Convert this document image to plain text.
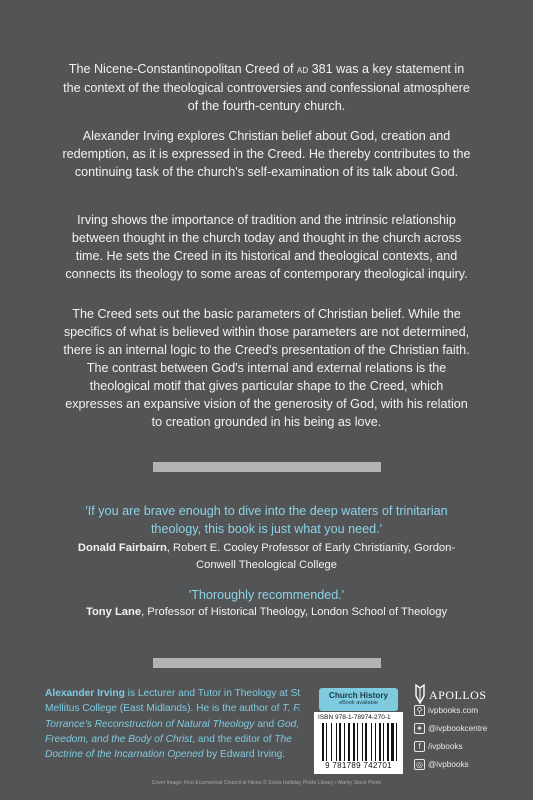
The Nicene-Constantinopolitan Creed of ad 381 was a key statement in the context of the theological controversies and confessional atmosphere of the fourth-century church.

Alexander Irving explores Christian belief about God, creation and redemption, as it is expressed in the Creed. He thereby contributes to the continuing task of the church's self-examination of its talk about God.

Irving shows the importance of tradition and the intrinsic relationship between thought in the church today and thought in the church across time. He sets the Creed in its historical and theological contexts, and connects its theology to some areas of contemporary theological inquiry.

The Creed sets out the basic parameters of Christian belief. While the specifics of what is believed within those parameters are not determined, there is an internal logic to the Creed's presentation of the Christian faith. The contrast between God's internal and external relations is the theological motif that gives particular shape to the Creed, which expresses an expansive vision of the generosity of God, with his relation to creation grounded in his being as love.

'If you are brave enough to dive into the deep waters of trinitarian theology, this book is just what you need.'

Donald Fairbairn, Robert E. Cooley Professor of Early Christianity, Gordon-Conwell Theological College

'Thoroughly recommended.'

Tony Lane, Professor of Historical Theology, London School of Theology

Alexander Irving is Lecturer and Tutor in Theology at St Mellitus College (East Midlands). He is the author of T. F. Torrance's Reconstruction of Natural Theology and God, Freedom, and the Body of Christ, and the editor of The Doctrine of the Incarnation Opened by Edward Irving.

Church History
eBook available
ISBN 978-1-78974-270-1
9 781789 742701
APOLLOS
⚲ ivpbooks.com
✦ @ivpbookcentre
f /ivpbooks
◎ @ivpbooks
Cover image: First Ecumenical Council at Nicea © Sonia Halliday Photo Library / Alamy Stock Photo
